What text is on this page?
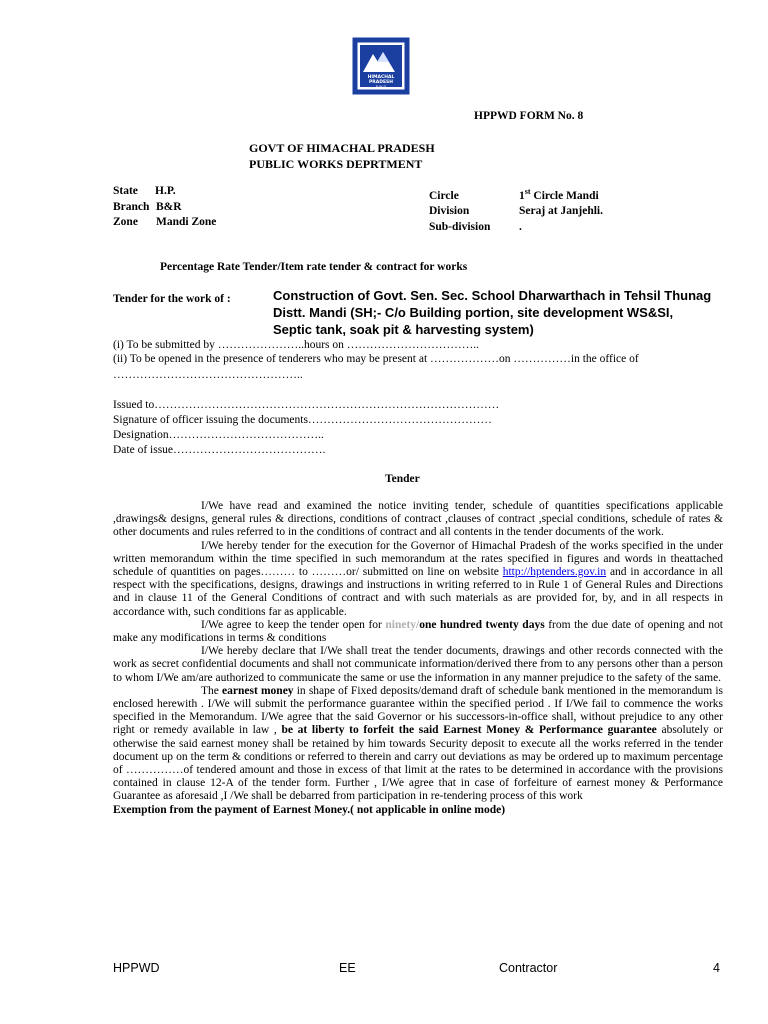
HIMACHAL
PRADESH
P W D
HPPWD FORM No. 8
GOVT OF HIMACHAL PRADESH
PUBLIC WORKS DEPRTMENT
State H.P.
Branch B&R
Zone Mandi Zone
Circle	1st Circle Mandi
Division	Seraj at Janjehli.
Sub-division .
Percentage Rate Tender/Item rate tender & contract for works
Tender for the work of :	Construction of Govt. Sen. Sec. School Dharwarthach in Tehsil Thunag Distt. Mandi (SH;- C/o Building portion, site development WS&SI, Septic tank, soak pit & harvesting system)
(i) To be submitted by …………………..hours on ……………………………..
(ii) To be opened in the presence of tenderers who may be present at ………………on ……………in the office of
…………………………………………..
Issued to………………………………………………………………………………
Signature of officer issuing the documents…………………………………………
Designation…………………………………..
Date of issue………………………………….
Tender

I/We have read and examined the notice inviting tender, schedule of quantities specifications applicable ,drawings& designs, general rules & directions, conditions of contract ,clauses of contract ,special conditions, schedule of rates & other documents and rules referred to in the conditions of contract and all contents in the tender documents of the work.

I/We hereby tender for the execution for the Governor of Himachal Pradesh of the works specified in the under written memorandum within the time specified in such memorandum at the rates specified in figures and words in theattached schedule of quantities on pages……… to ………or/ submitted on line on website http://hptenders.gov.in and in accordance in all respect with the specifications, designs, drawings and instructions in writing referred to in Rule 1 of General Rules and Directions and in clause 11 of the General Conditions of contract and with such materials as are provided for, by, and in all respects in accordance with, such conditions far as applicable.

I/We agree to keep the tender open for ninety/one hundred twenty days from the due date of opening and not make any modifications in terms & conditions

I/We hereby declare that I/We shall treat the tender documents, drawings and other records connected with the work as secret confidential documents and shall not communicate information/derived there from to any persons other than a person to whom I/We am/are authorized to communicate the same or use the information in any manner prejudice to the safety of the same.

The earnest money in shape of Fixed deposits/demand draft of schedule bank mentioned in the memorandum is enclosed herewith . I/We will submit the performance guarantee within the specified period . If I/We fail to commence the works specified in the Memorandum. I/We agree that the said Governor or his successors-in-office shall, without prejudice to any other right or remedy available in law , be at liberty to forfeit the said Earnest Money & Performance guarantee absolutely or otherwise the said earnest money shall be retained by him towards Security deposit to execute all the works referred in the tender document up on the term & conditions or referred to therein and carry out deviations as may be ordered up to maximum percentage of ……………of tendered amount and those in excess of that limit at the rates to be determined in accordance with the provisions contained in clause 12-A of the tender form. Further , I/We agree that in case of forfeiture of earnest money & Performance Guarantee as aforesaid ,I /We shall be debarred from participation in re-tendering process of this work

Exemption from the payment of Earnest Money.( not applicable in online mode)

HPPWD	EE	Contractor	4
